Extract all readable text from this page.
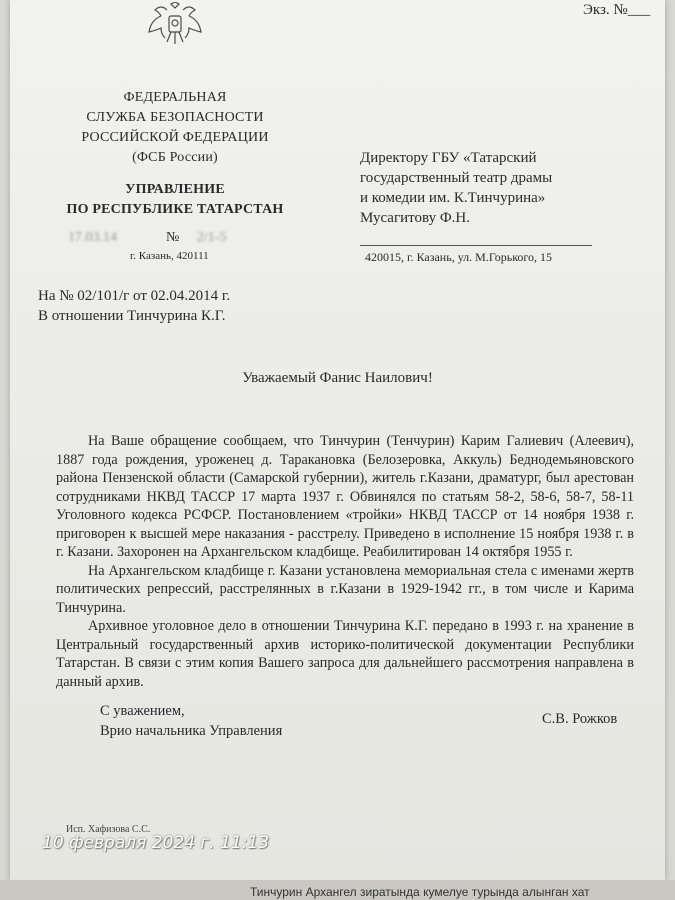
Тинчурин Архангел зиратында кумелуе турында алынган хат
Экз. №___
ФЕДЕРАЛЬНАЯ
СЛУЖБА БЕЗОПАСНОСТИ
РОССИЙСКОЙ ФЕДЕРАЦИИ
(ФСБ России)
УПРАВЛЕНИЕ
ПО РЕСПУБЛИКЕ ТАТАРСТАН
17.03.14	№ 2/1-5
г. Казань, 420111
Директору ГБУ «Татарский
государственный театр драмы
и комедии им. К.Тинчурина»
Мусагитову Ф.Н.
420015, г. Казань, ул. М.Горького, 15
На № 02/101/г от 02.04.2014 г.
В отношении Тинчурина К.Г.
Уважаемый Фанис Наилович!

На Ваше обращение сообщаем, что Тинчурин (Тенчурин) Карим Галиевич (Алеевич), 1887 года рождения, уроженец д. Таракановка (Белозеровка, Аккуль) Беднодемьяновского района Пензенской области (Самарской губернии), житель г.Казани, драматург, был арестован сотрудниками НКВД ТАССР 17 марта 1937 г. Обвинялся по статьям 58-2, 58-6, 58-7, 58-11 Уголовного кодекса РСФСР. Постановлением «тройки» НКВД ТАССР от 14 ноября 1938 г. приговорен к высшей мере наказания - расстрелу. Приведено в исполнение 15 ноября 1938 г. в г. Казани. Захоронен на Архангельском кладбище. Реабилитирован 14 октября 1955 г.

На Архангельском кладбище г. Казани установлена мемориальная стела с именами жертв политических репрессий, расстрелянных в г.Казани в 1929-1942 гг., в том числе и Карима Тинчурина.

Архивное уголовное дело в отношении Тинчурина К.Г. передано в 1993 г. на хранение в Центральный государственный архив историко-политической документации Республики Татарстан. В связи с этим копия Вашего запроса для дальнейшего рассмотрения направлена в данный архив.

С уважением,
Врио начальника Управления
С.В. Рожков
Исп. Хафизова С.С.
10 февраля 2024 г. 11:13
